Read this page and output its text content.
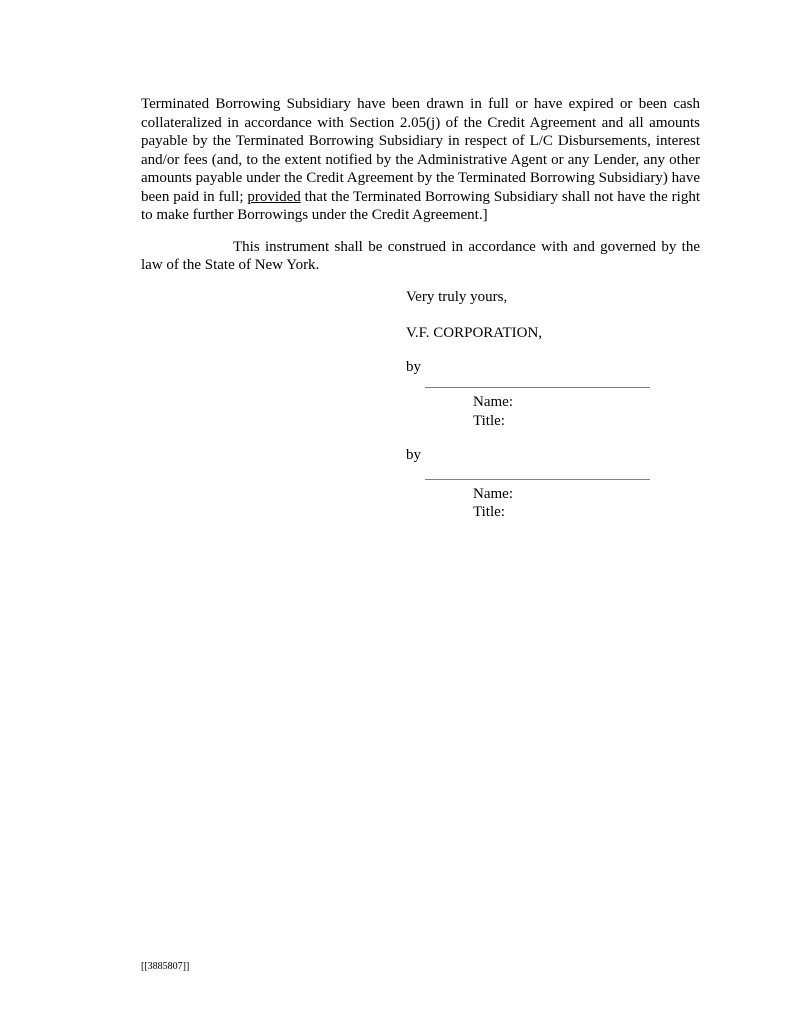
Terminated Borrowing Subsidiary have been drawn in full or have expired or been cash collateralized in accordance with Section 2.05(j) of the Credit Agreement and all amounts payable by the Terminated Borrowing Subsidiary in respect of L/C Disbursements, interest and/or fees (and, to the extent notified by the Administrative Agent or any Lender, any other amounts payable under the Credit Agreement by the Terminated Borrowing Subsidiary) have been paid in full; provided that the Terminated Borrowing Subsidiary shall not have the right to make further Borrowings under the Credit Agreement.]

This instrument shall be construed in accordance with and governed by the law of the State of New York.

Very truly yours,

V.F. CORPORATION,

by

Name:

Title:

by

Name:

Title:

[[3885807]]
